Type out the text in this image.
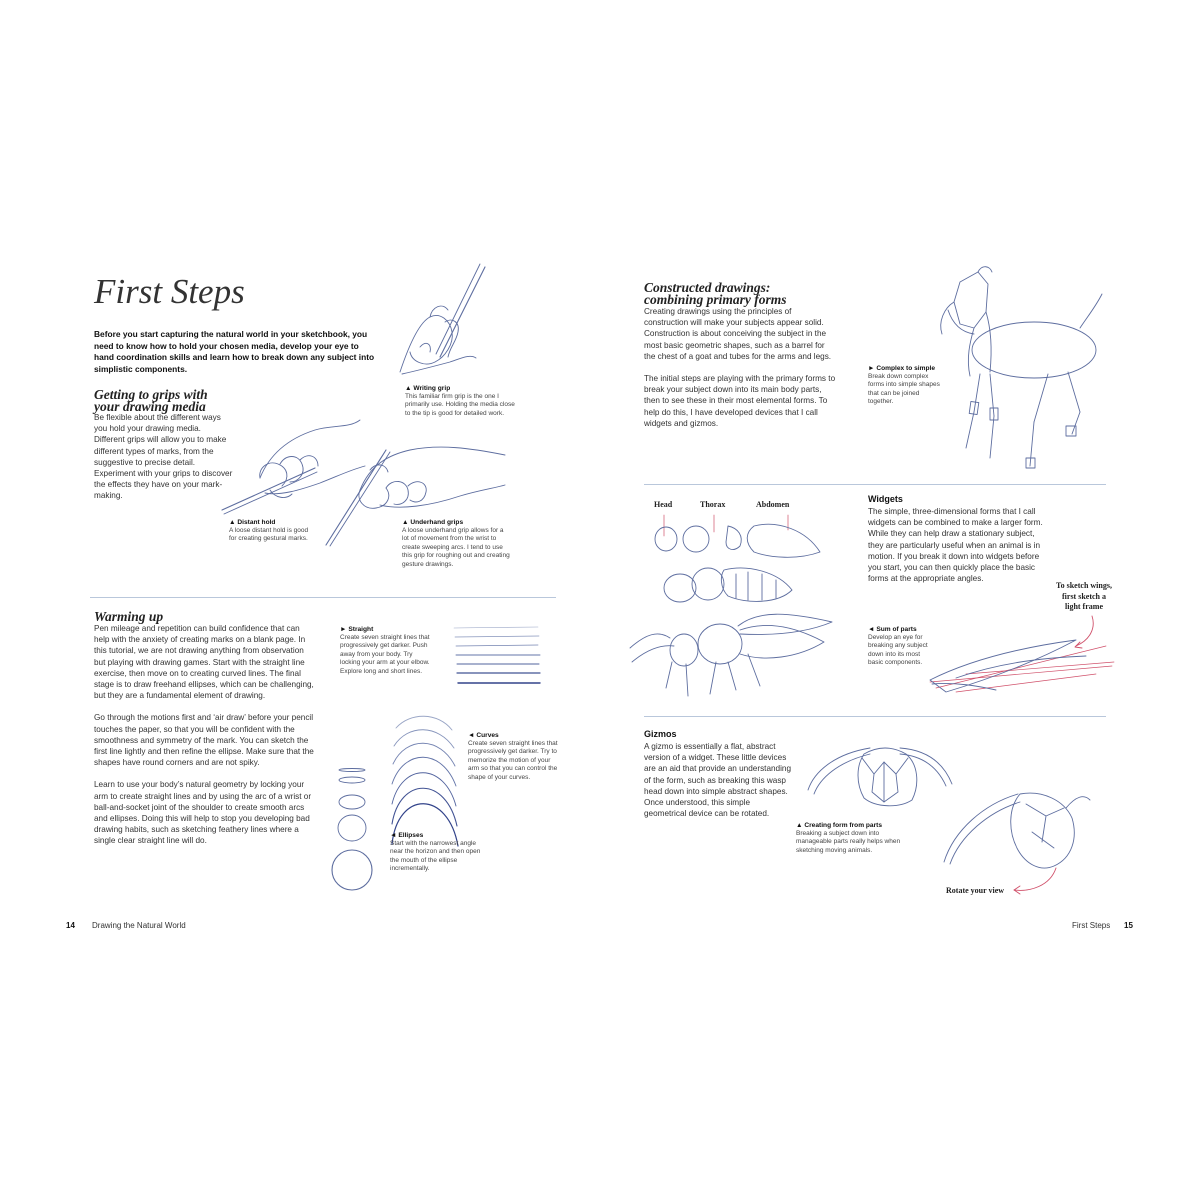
First Steps
Before you start capturing the natural world in your sketchbook, you need to know how to hold your chosen media, develop your eye to hand coordination skills and learn how to break down any subject into simplistic components.
Getting to grips with
your drawing media
Be flexible about the different ways you hold your drawing media. Different grips will allow you to make different types of marks, from the suggestive to precise detail. Experiment with your grips to discover the effects they have on your mark-making.
▲ Writing grip
This familiar firm grip is the one I primarily use. Holding the media close to the tip is good for detailed work.
▲ Distant hold
A loose distant hold is good for creating gestural marks.
▲ Underhand grips
A loose underhand grip allows for a lot of movement from the wrist to create sweeping arcs. I tend to use this grip for roughing out and creating gesture drawings.
Warming up

Pen mileage and repetition can build confidence that can help with the anxiety of creating marks on a blank page. In this tutorial, we are not drawing anything from observation but playing with drawing games. Start with the straight line exercise, then move on to creating curved lines. The final stage is to draw freehand ellipses, which can be challenging, but they are a fundamental element of drawing.

Go through the motions first and ‘air draw’ before your pencil touches the paper, so that you will be confident with the smoothness and symmetry of the mark. You can sketch the first line lightly and then refine the ellipse. Make sure that the shapes have round corners and are not spiky.

Learn to use your body’s natural geometry by locking your arm to create straight lines and by using the arc of a wrist or ball-and-socket joint of the shoulder to create smooth arcs and ellipses. Doing this will help to stop you developing bad drawing habits, such as sketching feathery lines where a single clear straight line will do.

► Straight
Create seven straight lines that progressively get darker. Push away from your body. Try locking your arm at your elbow. Explore long and short lines.
◄ Curves
Create seven straight lines that progressively get darker. Try to memorize the motion of your arm so that you can control the shape of your curves.
◄ Ellipses
Start with the narrowest angle near the horizon and then open the mouth of the ellipse incrementally.
14 Drawing the Natural World
Constructed drawings:
combining primary forms

Creating drawings using the principles of construction will make your subjects appear solid. Construction is about conceiving the subject in the most basic geometric shapes, such as a barrel for the chest of a goat and tubes for the arms and legs.

The initial steps are playing with the primary forms to break your subject down into its main body parts, then to see these in their most elemental forms. To help do this, I have developed devices that I call widgets and gizmos.

► Complex to simple
Break down complex forms into simple shapes that can be joined together.
Head	Thorax	Abdomen
Widgets
The simple, three-dimensional forms that I call widgets can be combined to make a larger form. While they can help draw a stationary subject, they are particularly useful when an animal is in motion. If you break it down into widgets before you start, you can then quickly place the basic forms at the appropriate angles.
To sketch wings,
first sketch a
light frame
◄ Sum of parts
Develop an eye for breaking any subject down into its most basic components.
Gizmos
A gizmo is essentially a flat, abstract version of a widget. These little devices are an aid that provide an understanding of the form, such as breaking this wasp head down into simple abstract shapes. Once understood, this simple geometrical device can be rotated.
▲ Creating form from parts
Breaking a subject down into manageable parts really helps when sketching moving animals.
Rotate your view
First Steps 15
